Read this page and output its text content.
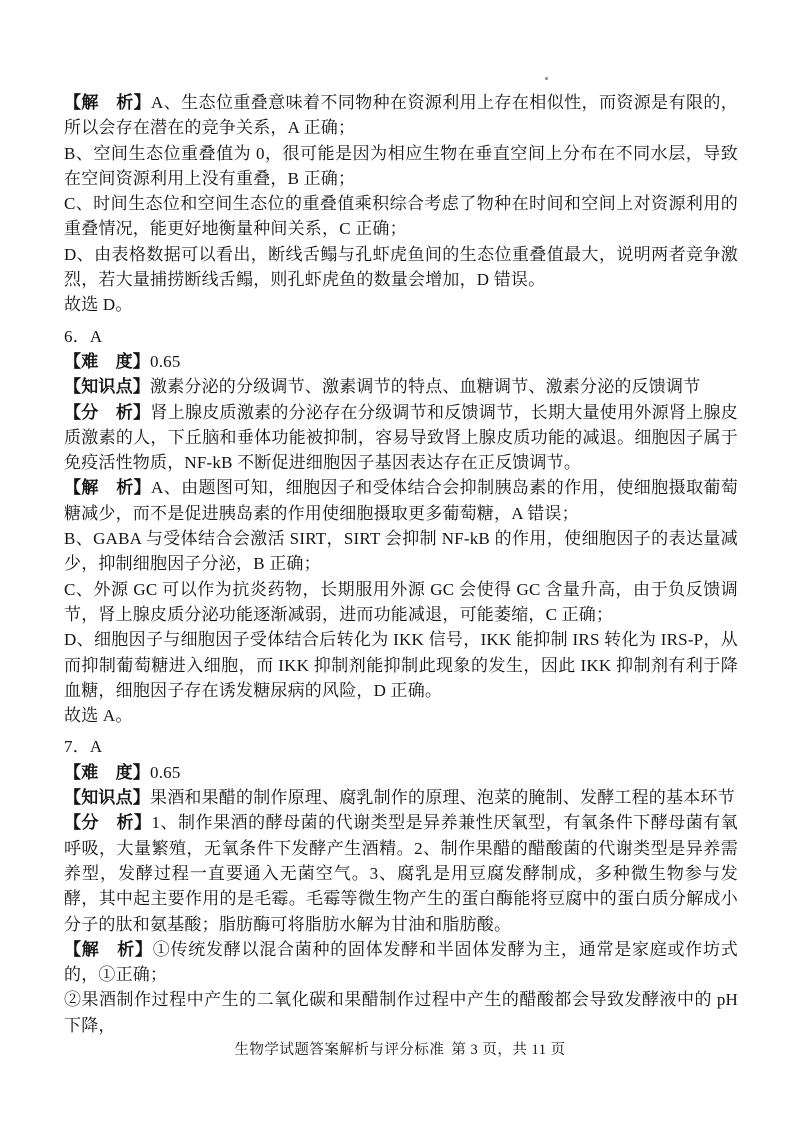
【解　析】A、生态位重叠意味着不同物种在资源利用上存在相似性，而资源是有限的，所以会存在潜在的竞争关系，A 正确；

B、空间生态位重叠值为 0，很可能是因为相应生物在垂直空间上分布在不同水层，导致在空间资源利用上没有重叠，B 正确；

C、时间生态位和空间生态位的重叠值乘积综合考虑了物种在时间和空间上对资源利用的重叠情况，能更好地衡量种间关系，C 正确；

D、由表格数据可以看出，断线舌鳎与孔虾虎鱼间的生态位重叠值最大，说明两者竞争激烈，若大量捕捞断线舌鳎，则孔虾虎鱼的数量会增加，D 错误。

故选 D。

6．A

【难　度】0.65

【知识点】激素分泌的分级调节、激素调节的特点、血糖调节、激素分泌的反馈调节

【分　析】肾上腺皮质激素的分泌存在分级调节和反馈调节，长期大量使用外源肾上腺皮质激素的人，下丘脑和垂体功能被抑制，容易导致肾上腺皮质功能的减退。细胞因子属于免疫活性物质，NF-kB 不断促进细胞因子基因表达存在正反馈调节。

【解　析】A、由题图可知，细胞因子和受体结合会抑制胰岛素的作用，使细胞摄取葡萄糖减少，而不是促进胰岛素的作用使细胞摄取更多葡萄糖，A 错误；

B、GABA 与受体结合会激活 SIRT，SIRT 会抑制 NF-kB 的作用，使细胞因子的表达量减少，抑制细胞因子分泌，B 正确；

C、外源 GC 可以作为抗炎药物，长期服用外源 GC 会使得 GC 含量升高，由于负反馈调节，肾上腺皮质分泌功能逐渐减弱，进而功能减退，可能萎缩，C 正确；

D、细胞因子与细胞因子受体结合后转化为 IKK 信号，IKK 能抑制 IRS 转化为 IRS-P，从而抑制葡萄糖进入细胞，而 IKK 抑制剂能抑制此现象的发生，因此 IKK 抑制剂有利于降血糖，细胞因子存在诱发糖尿病的风险，D 正确。

故选 A。

7．A

【难　度】0.65

【知识点】果酒和果醋的制作原理、腐乳制作的原理、泡菜的腌制、发酵工程的基本环节

【分　析】1、制作果酒的酵母菌的代谢类型是异养兼性厌氧型，有氧条件下酵母菌有氧呼吸，大量繁殖，无氧条件下发酵产生酒精。2、制作果醋的醋酸菌的代谢类型是异养需养型，发酵过程一直要通入无菌空气。3、腐乳是用豆腐发酵制成，多种微生物参与发酵，其中起主要作用的是毛霉。毛霉等微生物产生的蛋白酶能将豆腐中的蛋白质分解成小分子的肽和氨基酸；脂肪酶可将脂肪水解为甘油和脂肪酸。

【解　析】①传统发酵以混合菌种的固体发酵和半固体发酵为主，通常是家庭或作坊式的，①正确；

②果酒制作过程中产生的二氧化碳和果醋制作过程中产生的醋酸都会导致发酵液中的 pH 下降，

生物学试题答案解析与评分标准 第 3 页，共 11 页
